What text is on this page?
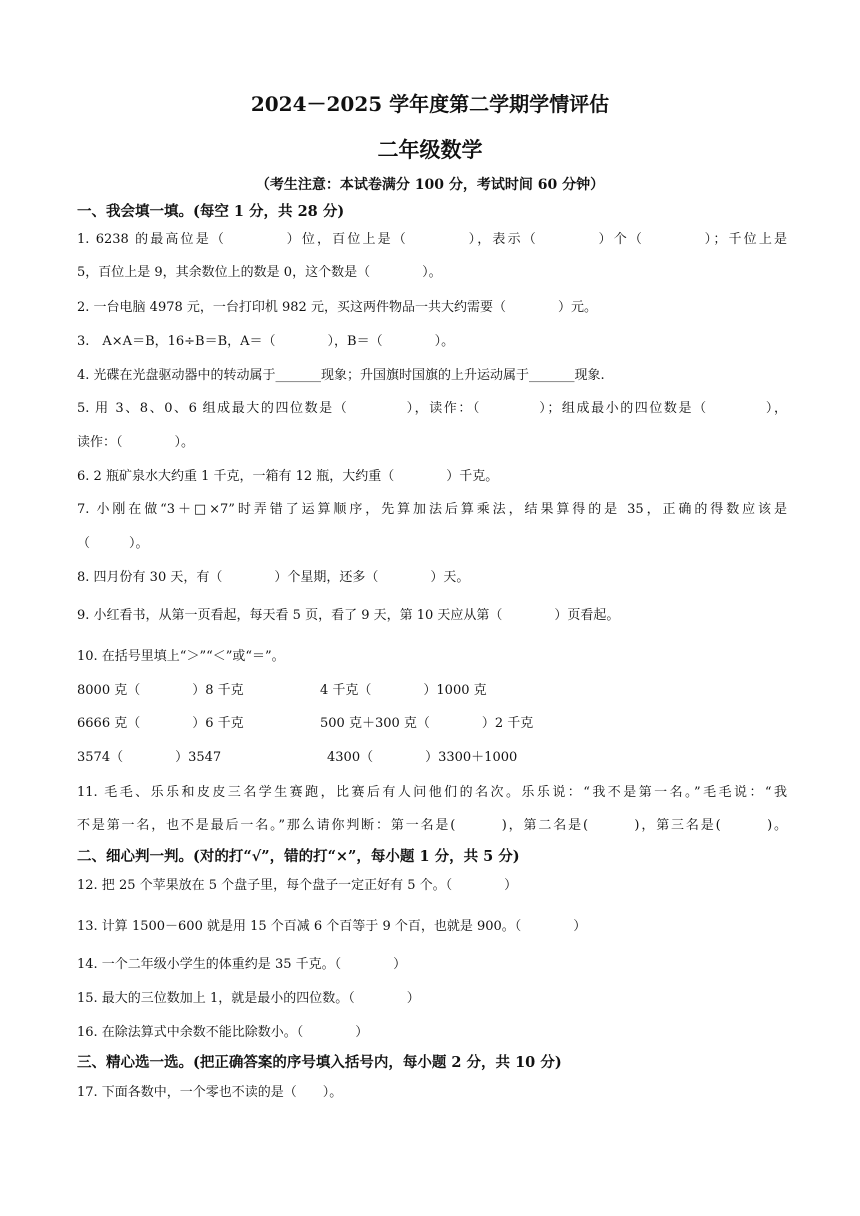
2024－2025 学年度第二学期学情评估
二年级数学
（考生注意：本试卷满分 100 分，考试时间 60 分钟）
一、我会填一填。(每空 1 分，共 28 分)
1. 6238 的最高位是（　　　　）位，百位上是（　　　　），表示（　　　　）个（　　　　）；千位上是
5，百位上是 9，其余数位上的数是 0，这个数是（　　　　）。
2. 一台电脑 4978 元，一台打印机 982 元，买这两件物品一共大约需要（　　　　）元。
3.　A×A＝B，16÷B＝B，A＝（　　　　），B＝（　　　　）。
4. 光碟在光盘驱动器中的转动属于_______现象；升国旗时国旗的上升运动属于_______现象.
5. 用 3、8、0、6 组成最大的四位数是（　　　　），读作：（　　　　）；组成最小的四位数是（　　　　），
读作：（　　　　）。
6. 2 瓶矿泉水大约重 1 千克，一箱有 12 瓶，大约重（　　　　）千克。
7. 小刚在做“3＋□×7”时弄错了运算顺序，先算加法后算乘法，结果算得的是 35，正确的得数应该是
（　　　）。
8. 四月份有 30 天，有（　　　　）个星期，还多（　　　　）天。
9. 小红看书，从第一页看起，每天看 5 页，看了 9 天，第 10 天应从第（　　　　）页看起。
10. 在括号里填上“＞”“＜”或“＝”。
8000 克（　　　　）8 千克	4 千克（　　　　）1000 克
6666 克（　　　　）6 千克	500 克＋300 克（　　　　）2 千克
3574（　　　　）3547	4300（　　　　）3300＋1000
11. 毛毛、乐乐和皮皮三名学生赛跑，比赛后有人问他们的名次。乐乐说：“我不是第一名。”毛毛说：“我
不是第一名，也不是最后一名。”那么请你判断：第一名是(　　　)，第二名是(　　　)，第三名是(　　　)。
二、细心判一判。(对的打“√”，错的打“×”，每小题 1 分，共 5 分)
12. 把 25 个苹果放在 5 个盘子里，每个盘子一定正好有 5 个。（　　　　）
13. 计算 1500－600 就是用 15 个百减 6 个百等于 9 个百，也就是 900。（　　　　）
14. 一个二年级小学生的体重约是 35 千克。（　　　　）
15. 最大的三位数加上 1，就是最小的四位数。（　　　　）
16. 在除法算式中余数不能比除数小。（　　　　）
三、精心选一选。(把正确答案的序号填入括号内，每小题 2 分，共 10 分)
17. 下面各数中，一个零也不读的是（　　）。
